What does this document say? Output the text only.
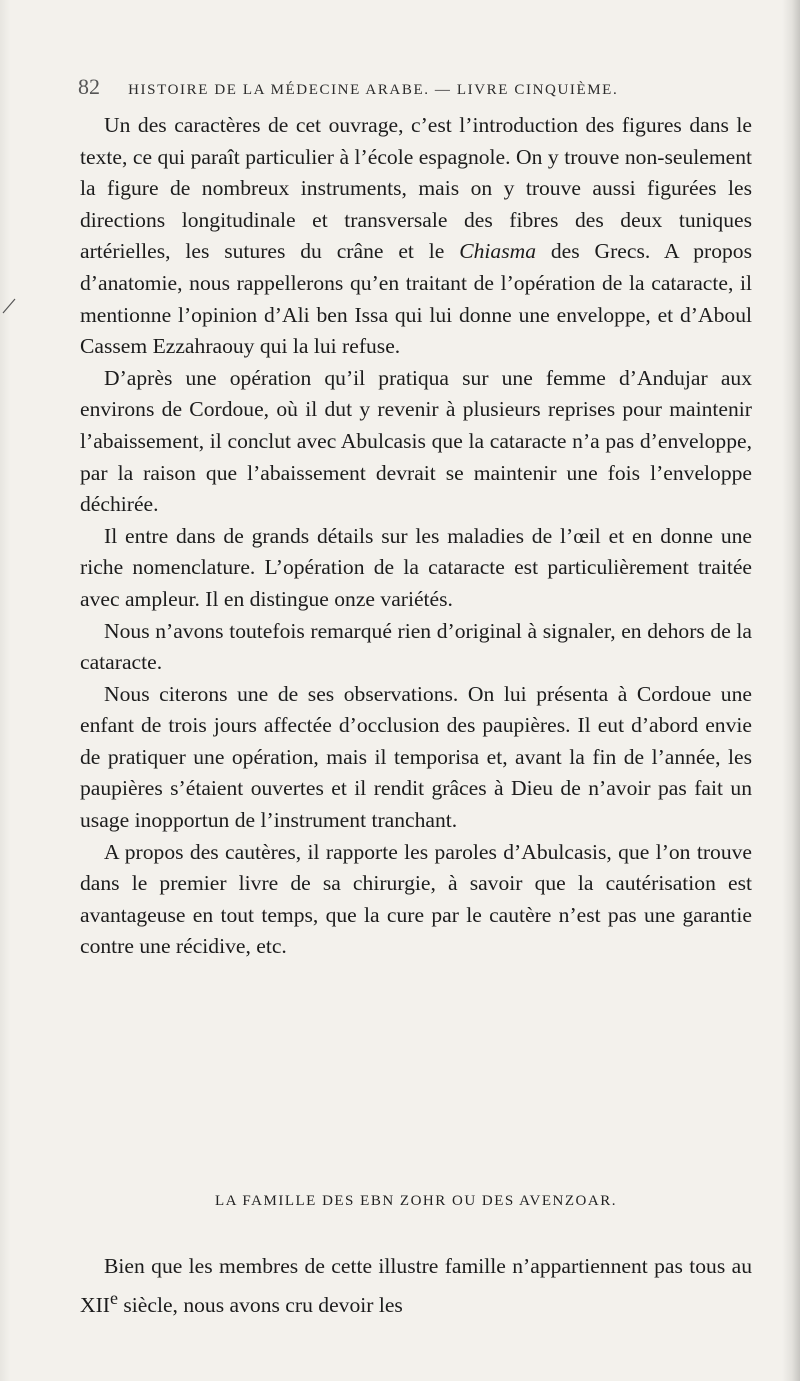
82 HISTOIRE DE LA MÉDECINE ARABE. — LIVRE CINQUIÈME.

Un des caractères de cet ouvrage, c’est l’introduction des figures dans le texte, ce qui paraît particulier à l’école espagnole. On y trouve non-seulement la figure de nombreux instruments, mais on y trouve aussi figurées les directions longitudinale et transversale des fibres des deux tuniques artérielles, les sutures du crâne et le Chiasma des Grecs. A propos d’anatomie, nous rappellerons qu’en traitant de l’opération de la cataracte, il mentionne l’opinion d’Ali ben Issa qui lui donne une enveloppe, et d’Aboul Cassem Ezzahraouy qui la lui refuse.

D’après une opération qu’il pratiqua sur une femme d’Andujar aux environs de Cordoue, où il dut y revenir à plusieurs reprises pour maintenir l’abaissement, il conclut avec Abulcasis que la cataracte n’a pas d’enveloppe, par la raison que l’abaissement devrait se maintenir une fois l’enveloppe déchirée.

Il entre dans de grands détails sur les maladies de l’œil et en donne une riche nomenclature. L’opération de la cataracte est particulièrement traitée avec ampleur. Il en distingue onze variétés.

Nous n’avons toutefois remarqué rien d’original à signaler, en dehors de la cataracte.

Nous citerons une de ses observations. On lui présenta à Cordoue une enfant de trois jours affectée d’occlusion des paupières. Il eut d’abord envie de pratiquer une opération, mais il temporisa et, avant la fin de l’année, les paupières s’étaient ouvertes et il rendit grâces à Dieu de n’avoir pas fait un usage inopportun de l’instrument tranchant.

A propos des cautères, il rapporte les paroles d’Abulcasis, que l’on trouve dans le premier livre de sa chirurgie, à savoir que la cautérisation est avantageuse en tout temps, que la cure par le cautère n’est pas une garantie contre une récidive, etc.

LA FAMILLE DES EBN ZOHR OU DES AVENZOAR.

Bien que les membres de cette illustre famille n’appartiennent pas tous au XIIe siècle, nous avons cru devoir les
